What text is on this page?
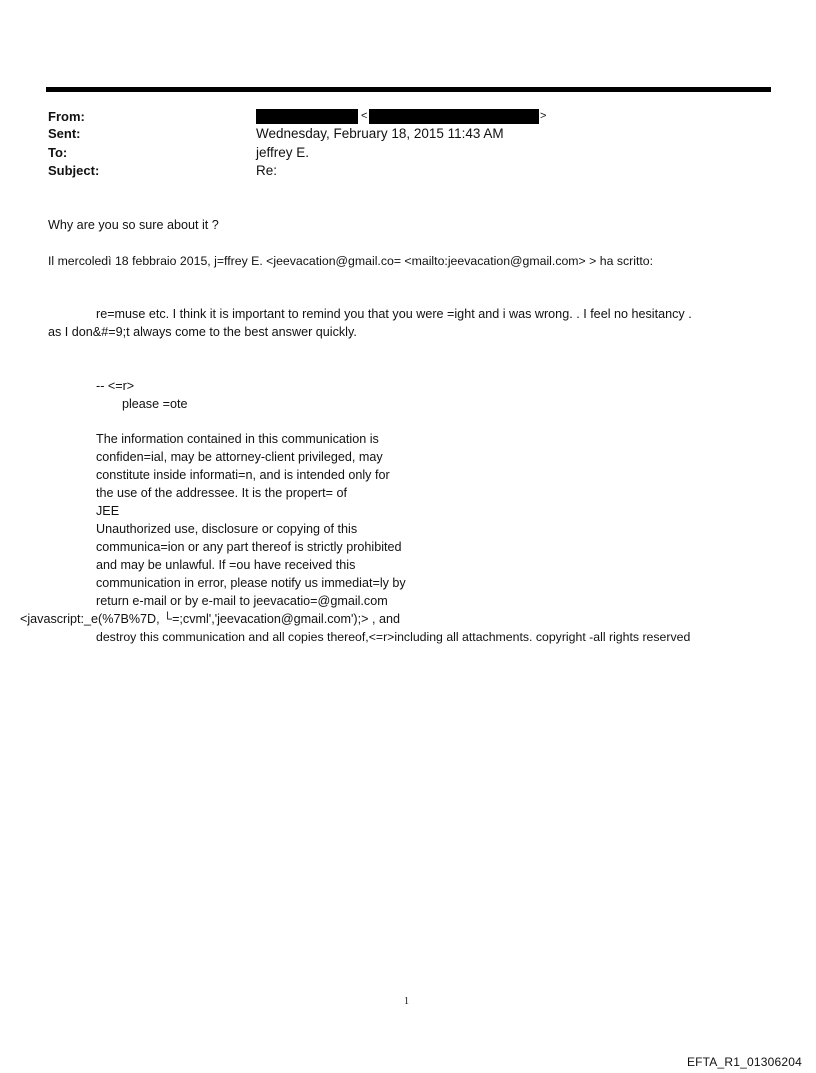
From:
Sent:
To:
Subject:
<	>
Wednesday, February 18, 2015 11:43 AM
jeffrey E.
Re:
Why are you so sure about it ?
Il mercoledì 18 febbraio 2015, j=ffrey E. <jeevacation@gmail.co= <mailto:jeevacation@gmail.com> > ha scritto:
re=muse etc. I think it is important to remind you that you were =ight and i was wrong. . I feel no hesitancy .
as I don&#=9;t always come to the best answer quickly.
-- <=r>
please =ote
The information contained in this communication is
confiden=ial, may be attorney-client privileged, may
constitute inside informati=n, and is intended only for
the use of the addressee. It is the propert= of
JEE
Unauthorized use, disclosure or copying of this
communica=ion or any part thereof is strictly prohibited
and may be unlawful. If =ou have received this
communication in error, please notify us immediat=ly by
return e-mail or by e-mail to jeevacatio=@gmail.com
<javascript:_e(%7B%7D, └=;cvml','jeevacation@gmail.com');> , and
destroy this communication and all copies thereof,<=r>including all attachments. copyright -all rights reserved
1
EFTA_R1_01306204
